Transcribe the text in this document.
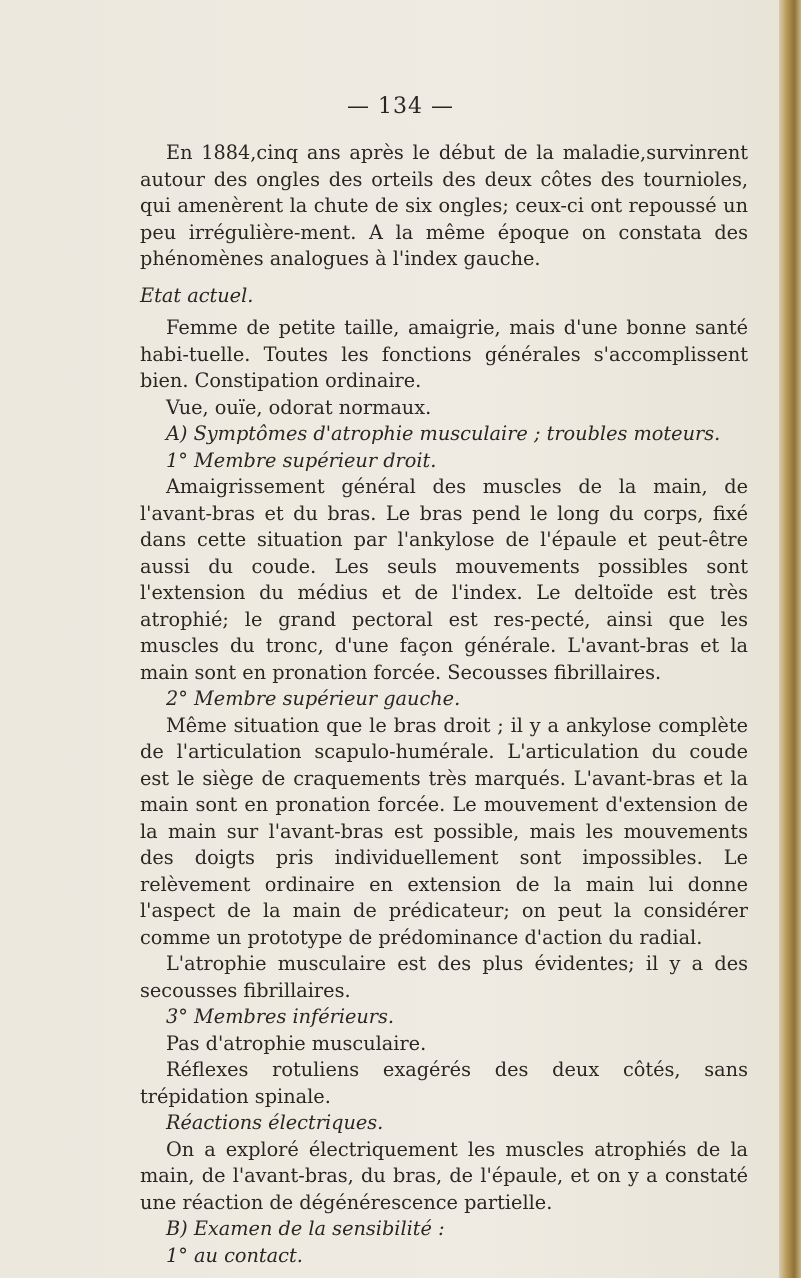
— 134 —

En 1884,cinq ans après le début de la maladie,survinrent autour des ongles des orteils des deux côtes des tournioles, qui amenèrent la chute de six ongles; ceux-ci ont repoussé un peu irrégulière-ment. A la même époque on constata des phénomènes analogues à l'index gauche.

Etat actuel.

Femme de petite taille, amaigrie, mais d'une bonne santé habi-tuelle. Toutes les fonctions générales s'accomplissent bien. Constipation ordinaire.

Vue, ouïe, odorat normaux.

A) Symptômes d'atrophie musculaire ; troubles moteurs.

1° Membre supérieur droit.

Amaigrissement général des muscles de la main, de l'avant-bras et du bras. Le bras pend le long du corps, fixé dans cette situation par l'ankylose de l'épaule et peut-être aussi du coude. Les seuls mouvements possibles sont l'extension du médius et de l'index. Le deltoïde est très atrophié; le grand pectoral est res-pecté, ainsi que les muscles du tronc, d'une façon générale. L'avant-bras et la main sont en pronation forcée. Secousses fibrillaires.

2° Membre supérieur gauche.

Même situation que le bras droit ; il y a ankylose complète de l'articulation scapulo-humérale. L'articulation du coude est le siège de craquements très marqués. L'avant-bras et la main sont en pronation forcée. Le mouvement d'extension de la main sur l'avant-bras est possible, mais les mouvements des doigts pris individuellement sont impossibles. Le relèvement ordinaire en extension de la main lui donne l'aspect de la main de prédicateur; on peut la considérer comme un prototype de prédominance d'action du radial.

L'atrophie musculaire est des plus évidentes; il y a des secousses fibrillaires.

3° Membres inférieurs.

Pas d'atrophie musculaire.

Réflexes rotuliens exagérés des deux côtés, sans trépidation spinale.

Réactions électriques.

On a exploré électriquement les muscles atrophiés de la main, de l'avant-bras, du bras, de l'épaule, et on y a constaté une réaction de dégénérescence partielle.

B) Examen de la sensibilité :

1° au contact.
